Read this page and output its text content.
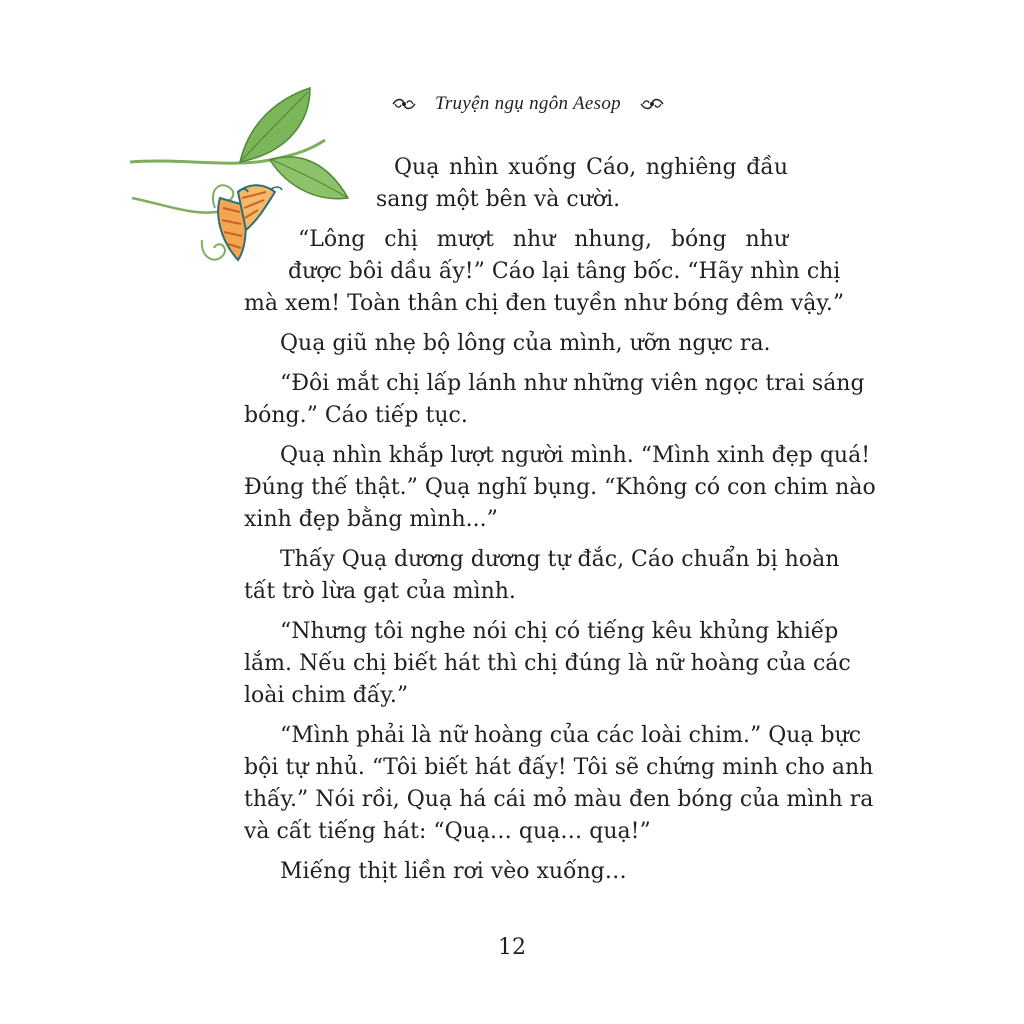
Truyện ngụ ngôn Aesop
Quạ nhìn xuống Cáo, nghiêng đầu
sang một bên và cười.
“Lông chị mượt như nhung, bóng như
được bôi dầu ấy!” Cáo lại tâng bốc. “Hãy nhìn chị
mà xem! Toàn thân chị đen tuyền như bóng đêm vậy.”
Quạ giũ nhẹ bộ lông của mình, ưỡn ngực ra.
“Đôi mắt chị lấp lánh như những viên ngọc trai sáng
bóng.” Cáo tiếp tục.
Quạ nhìn khắp lượt người mình. “Mình xinh đẹp quá!
Đúng thế thật.” Quạ nghĩ bụng. “Không có con chim nào
xinh đẹp bằng mình...”
Thấy Quạ dương dương tự đắc, Cáo chuẩn bị hoàn
tất trò lừa gạt của mình.
“Nhưng tôi nghe nói chị có tiếng kêu khủng khiếp
lắm. Nếu chị biết hát thì chị đúng là nữ hoàng của các
loài chim đấy.”
“Mình phải là nữ hoàng của các loài chim.” Quạ bực
bội tự nhủ. “Tôi biết hát đấy! Tôi sẽ chứng minh cho anh
thấy.” Nói rồi, Quạ há cái mỏ màu đen bóng của mình ra
và cất tiếng hát: “Quạ… quạ… quạ!”
Miếng thịt liền rơi vèo xuống…
12
